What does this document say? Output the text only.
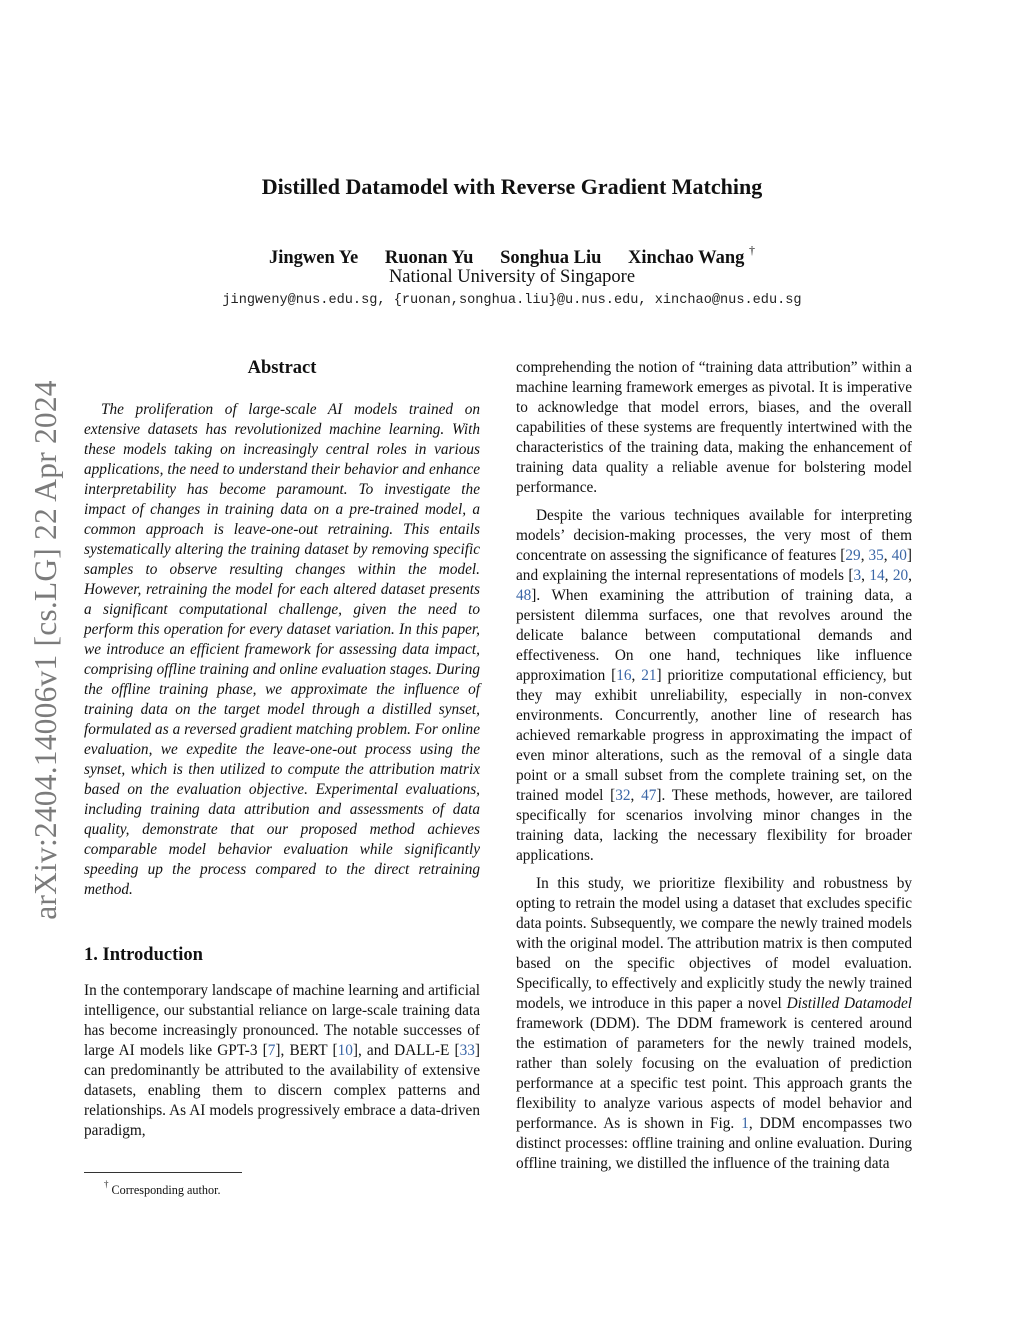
arXiv:2404.14006v1 [cs.LG] 22 Apr 2024
Distilled Datamodel with Reverse Gradient Matching
Jingwen Ye Ruonan Yu Songhua Liu Xinchao Wang †
National University of Singapore
jingweny@nus.edu.sg, {ruonan,songhua.liu}@u.nus.edu, xinchao@nus.edu.sg
Abstract

The proliferation of large-scale AI models trained on extensive datasets has revolutionized machine learning. With these models taking on increasingly central roles in various applications, the need to understand their behavior and enhance interpretability has become paramount. To investigate the impact of changes in training data on a pre-trained model, a common approach is leave-one-out retraining. This entails systematically altering the training dataset by removing specific samples to observe resulting changes within the model. However, retraining the model for each altered dataset presents a significant computational challenge, given the need to perform this operation for every dataset variation. In this paper, we introduce an efficient framework for assessing data impact, comprising offline training and online evaluation stages. During the offline training phase, we approximate the influence of training data on the target model through a distilled synset, formulated as a reversed gradient matching problem. For online evaluation, we expedite the leave-one-out process using the synset, which is then utilized to compute the attribution matrix based on the evaluation objective. Experimental evaluations, including training data attribution and assessments of data quality, demonstrate that our proposed method achieves comparable model behavior evaluation while significantly speeding up the process compared to the direct retraining method.

1. Introduction

In the contemporary landscape of machine learning and artificial intelligence, our substantial reliance on large-scale training data has become increasingly pronounced. The notable successes of large AI models like GPT-3 [7], BERT [10], and DALL-E [33] can predominantly be attributed to the availability of extensive datasets, enabling them to discern complex patterns and relationships. As AI models progressively embrace a data-driven paradigm,

comprehending the notion of “training data attribution” within a machine learning framework emerges as pivotal. It is imperative to acknowledge that model errors, biases, and the overall capabilities of these systems are frequently intertwined with the characteristics of the training data, making the enhancement of training data quality a reliable avenue for bolstering model performance.

Despite the various techniques available for interpreting models’ decision-making processes, the very most of them concentrate on assessing the significance of features [29, 35, 40] and explaining the internal representations of models [3, 14, 20, 48]. When examining the attribution of training data, a persistent dilemma surfaces, one that revolves around the delicate balance between computational demands and effectiveness. On one hand, techniques like influence approximation [16, 21] prioritize computational efficiency, but they may exhibit unreliability, especially in non-convex environments. Concurrently, another line of research has achieved remarkable progress in approximating the impact of even minor alterations, such as the removal of a single data point or a small subset from the complete training set, on the trained model [32, 47]. These methods, however, are tailored specifically for scenarios involving minor changes in the training data, lacking the necessary flexibility for broader applications.

In this study, we prioritize flexibility and robustness by opting to retrain the model using a dataset that excludes specific data points. Subsequently, we compare the newly trained models with the original model. The attribution matrix is then computed based on the specific objectives of model evaluation. Specifically, to effectively and explicitly study the newly trained models, we introduce in this paper a novel Distilled Datamodel framework (DDM). The DDM framework is centered around the estimation of parameters for the newly trained models, rather than solely focusing on the evaluation of prediction performance at a specific test point. This approach grants the flexibility to analyze various aspects of model behavior and performance. As is shown in Fig. 1, DDM encompasses two distinct processes: offline training and online evaluation. During offline training, we distilled the influence of the training data

† Corresponding author.
